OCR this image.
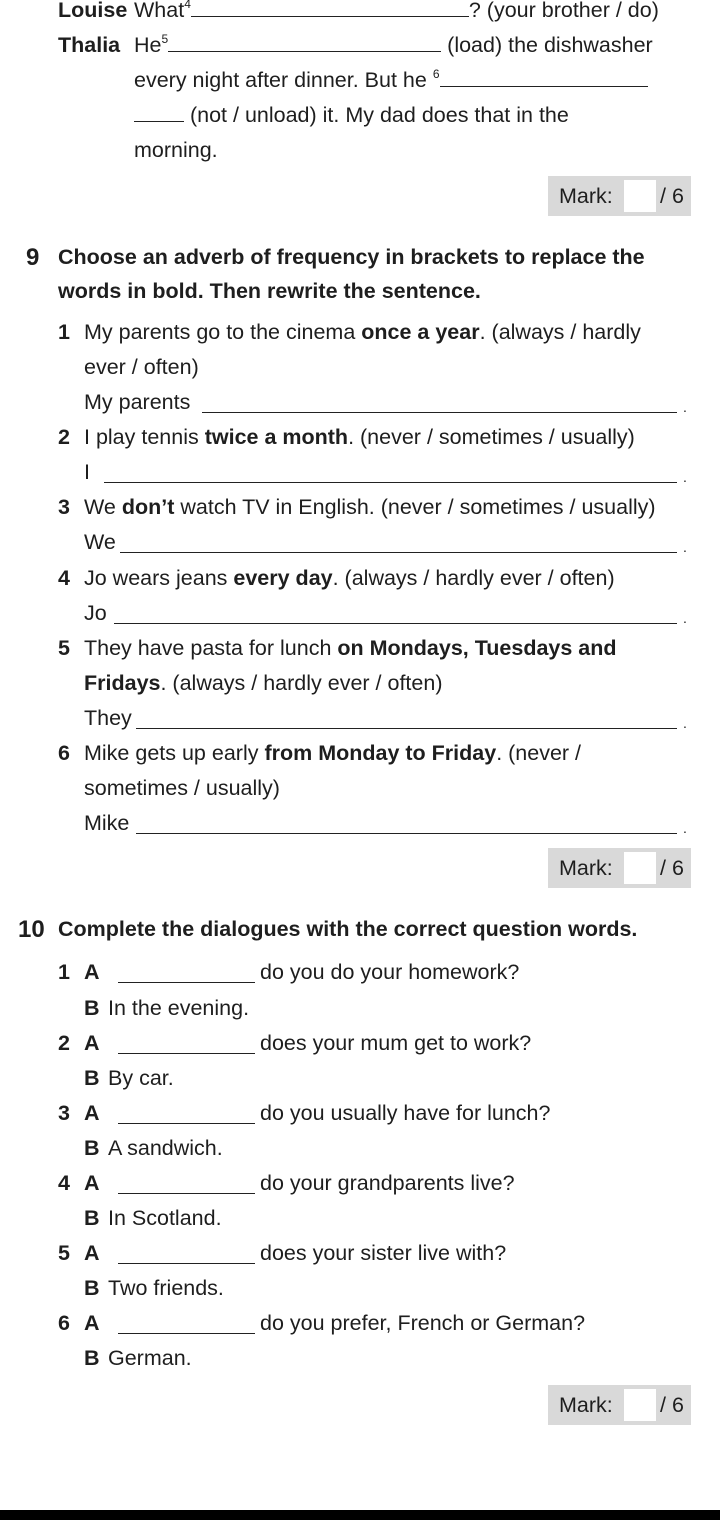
Louise What$^4$	? (your brother / do)
Thalia He$^5$	(load) the dishwasher
every night after dinner. But he $^6$
(not / unload) it. My dad does that in the
morning.
Mark: / 6
9 Choose an adverb of frequency in brackets to replace the
words in bold. Then rewrite the sentence.
1 My parents go to the cinema once a year. (always / hardly
ever / often)
My parents	.
2 I play tennis twice a month. (never / sometimes / usually)
I	.
3 We don’t watch TV in English. (never / sometimes / usually)
We	.
4 Jo wears jeans every day. (always / hardly ever / often)
Jo	.
5 They have pasta for lunch on Mondays, Tuesdays and
Fridays. (always / hardly ever / often)
They	.
6 Mike gets up early from Monday to Friday. (never /
sometimes / usually)
Mike	.
Mark: / 6
10 Complete the dialogues with the correct question words.
1 A	do you do your homework?
B In the evening.
2 A	does your mum get to work?
B By car.
3 A	do you usually have for lunch?
B A sandwich.
4 A	do your grandparents live?
B In Scotland.
5 A	does your sister live with?
B Two friends.
6 A	do you prefer, French or German?
B German.
Mark: / 6
